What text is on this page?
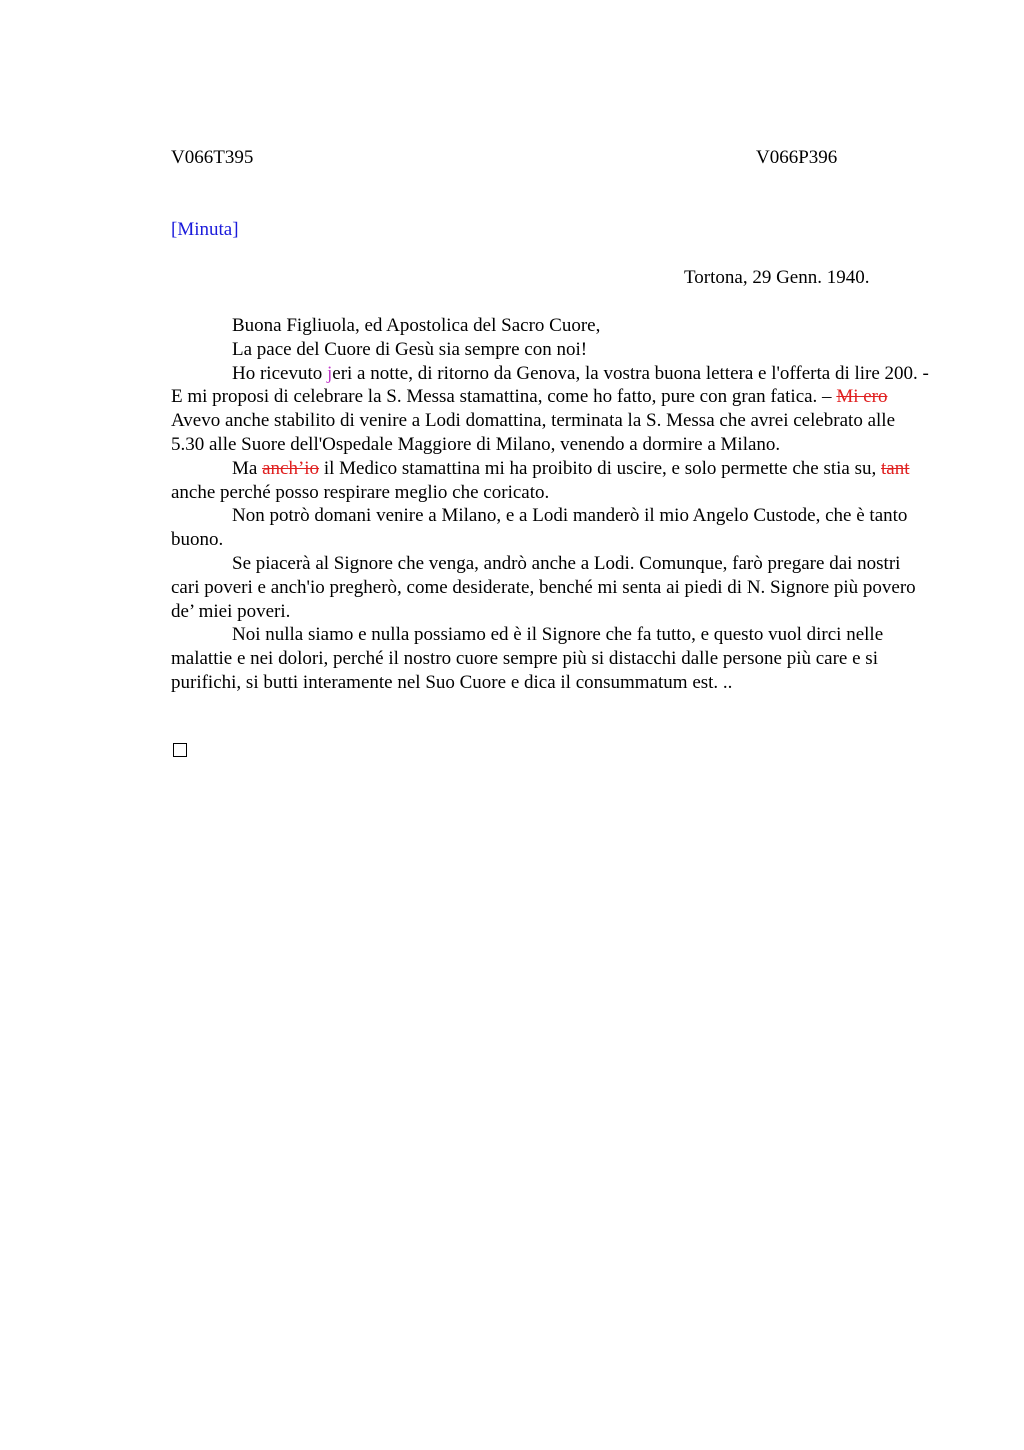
V066T395	V066P396
[Minuta]
Tortona, 29 Genn. 1940.

Buona Figliuola, ed Apostolica del Sacro Cuore,

La pace del Cuore di Gesù sia sempre con noi!

Ho ricevuto jeri a notte, di ritorno da Genova, la vostra buona lettera e l'offerta di lire 200. - E mi proposi di celebrare la S. Messa stamattina, come ho fatto, pure con gran fatica. – Mi ero Avevo anche stabilito di venire a Lodi domattina, terminata la S. Messa che avrei celebrato alle 5.30 alle Suore dell'Ospedale Maggiore di Milano, venendo a dormire a Milano.

Ma anch’io il Medico stamattina mi ha proibito di uscire, e solo permette che stia su, tant anche perché posso respirare meglio che coricato.

Non potrò domani venire a Milano, e a Lodi manderò il mio Angelo Custode, che è tanto buono.

Se piacerà al Signore che venga, andrò anche a Lodi. Comunque, farò pregare dai nostri cari poveri e anch'io pregherò, come desiderate, benché mi senta ai piedi di N. Signore più povero de’ miei poveri.

Noi nulla siamo e nulla possiamo ed è il Signore che fa tutto, e questo vuol dirci nelle malattie e nei dolori, perché il nostro cuore sempre più si distacchi dalle persone più care e si purifichi, si butti interamente nel Suo Cuore e dica il consummatum est. ..
